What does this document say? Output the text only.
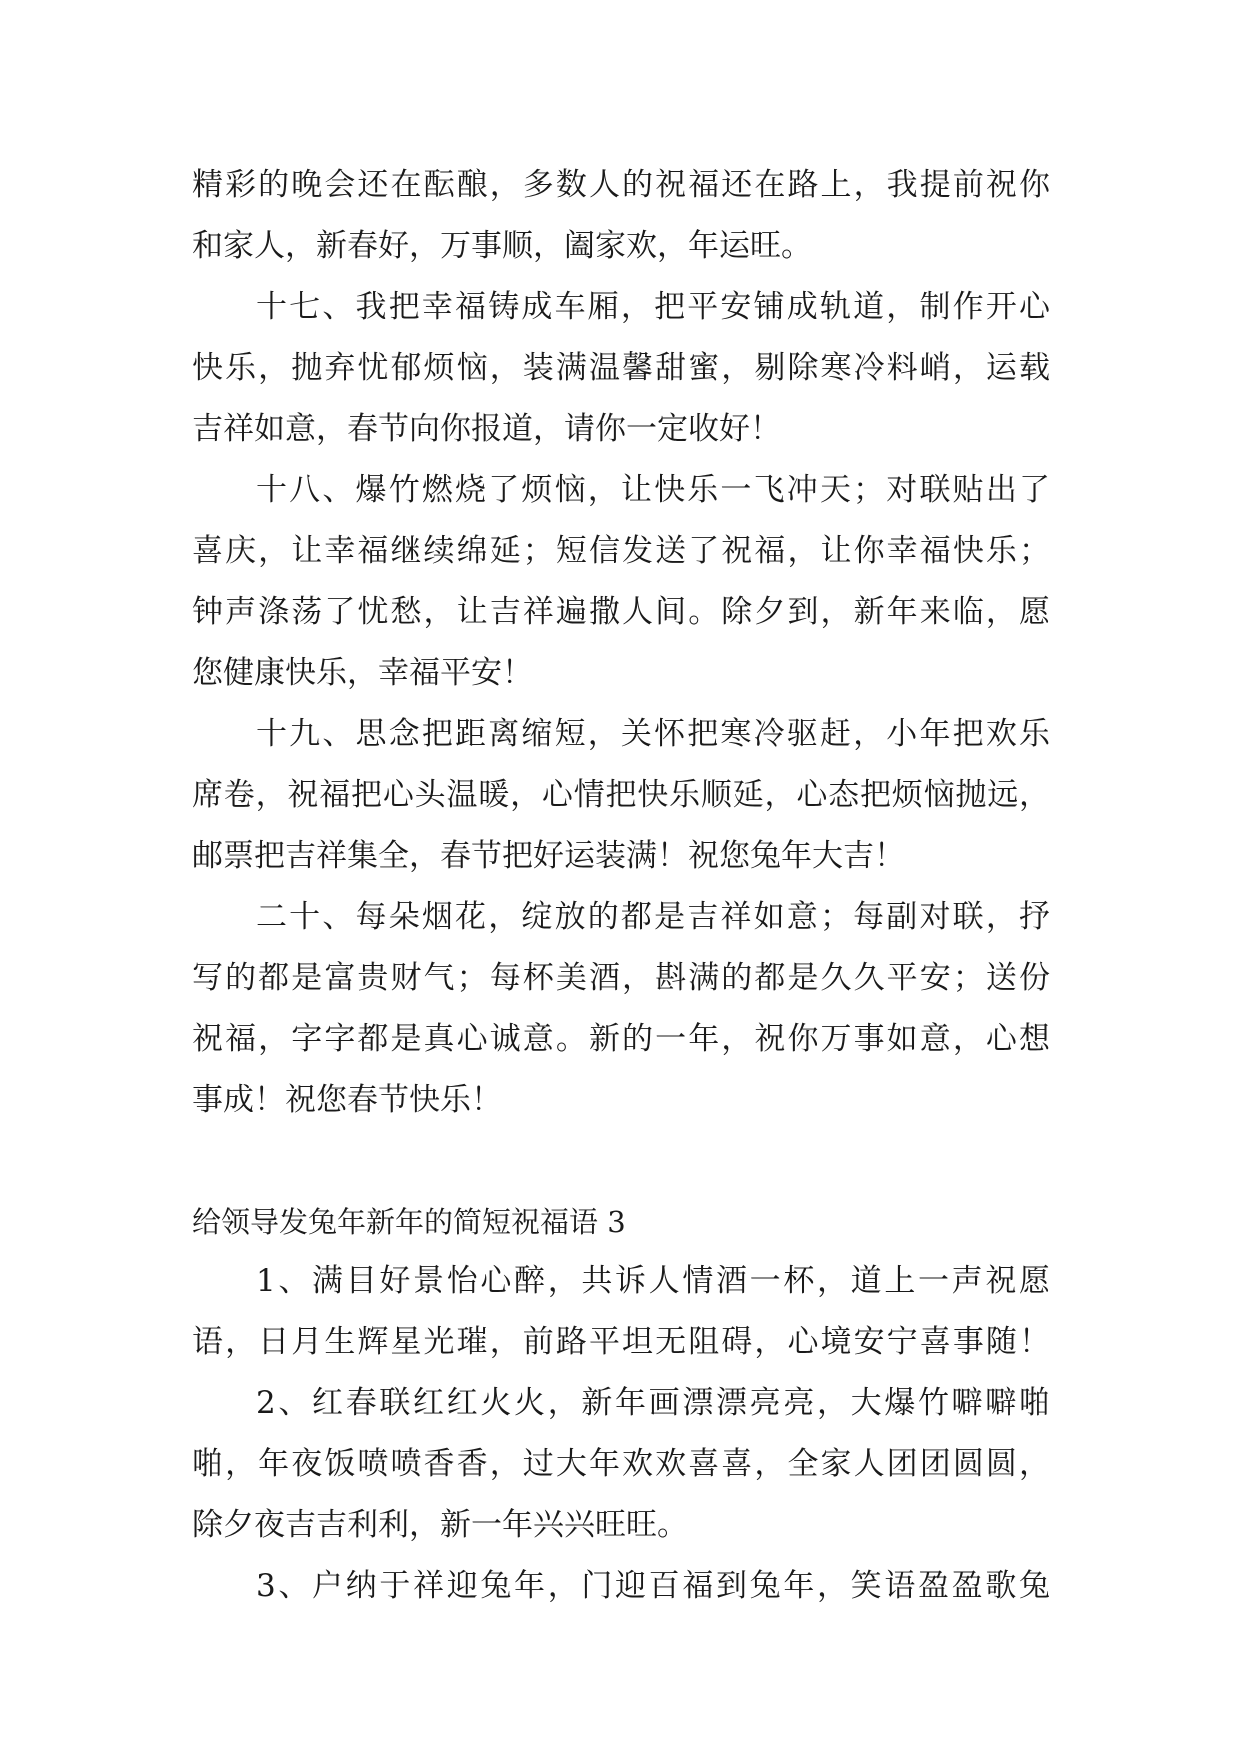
精彩的晚会还在酝酿，多数人的祝福还在路上，我提前祝你
和家人，新春好，万事顺，阖家欢，年运旺。
十七、我把幸福铸成车厢，把平安铺成轨道，制作开心
快乐，抛弃忧郁烦恼，装满温馨甜蜜，剔除寒冷料峭，运载
吉祥如意，春节向你报道，请你一定收好！
十八、爆竹燃烧了烦恼，让快乐一飞冲天；对联贴出了
喜庆，让幸福继续绵延；短信发送了祝福，让你幸福快乐；
钟声涤荡了忧愁，让吉祥遍撒人间。除夕到，新年来临，愿
您健康快乐，幸福平安！
十九、思念把距离缩短，关怀把寒冷驱赶，小年把欢乐
席卷，祝福把心头温暖，心情把快乐顺延，心态把烦恼抛远，
邮票把吉祥集全，春节把好运装满！祝您兔年大吉！
二十、每朵烟花，绽放的都是吉祥如意；每副对联，抒
写的都是富贵财气；每杯美酒，斟满的都是久久平安；送份
祝福，字字都是真心诚意。新的一年，祝你万事如意，心想
事成！祝您春节快乐！
给领导发兔年新年的简短祝福语 3
1、满目好景怡心醉，共诉人情酒一杯，道上一声祝愿
语，日月生辉星光璀，前路平坦无阻碍，心境安宁喜事随！
2、红春联红红火火，新年画漂漂亮亮，大爆竹噼噼啪
啪，年夜饭喷喷香香，过大年欢欢喜喜，全家人团团圆圆，
除夕夜吉吉利利，新一年兴兴旺旺。
3、户纳于祥迎兔年，门迎百福到兔年，笑语盈盈歌兔
